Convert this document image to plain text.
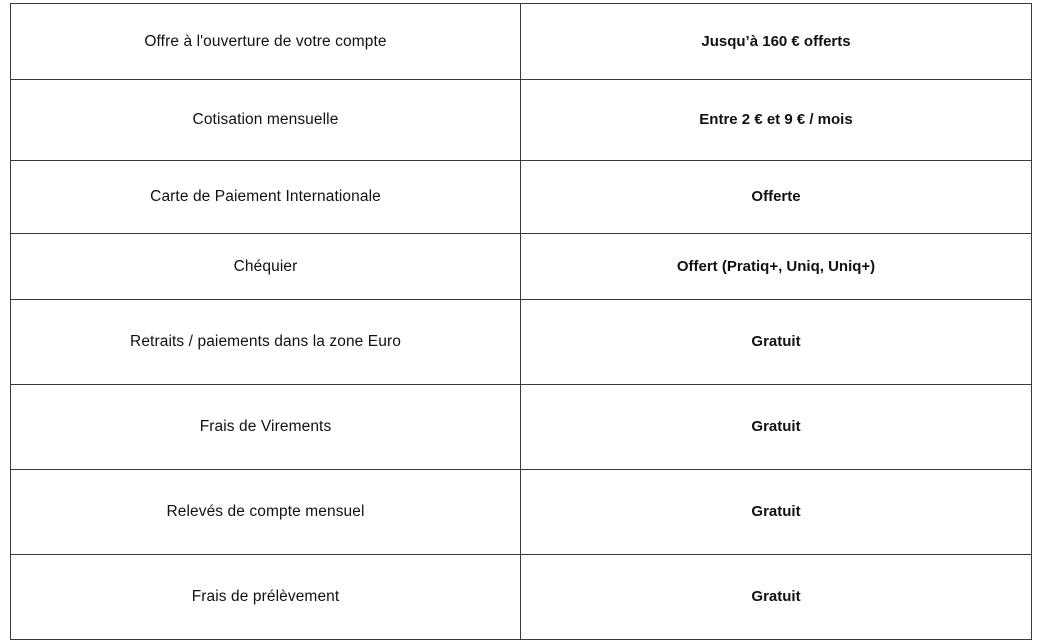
Offre à l'ouverture de votre compte	Jusqu’à 160 € offerts
Cotisation mensuelle	Entre 2 € et 9 € / mois
Carte de Paiement Internationale	Offerte
Chéquier	Offert (Pratiq+, Uniq, Uniq+)
Retraits / paiements dans la zone Euro	Gratuit
Frais de Virements	Gratuit
Relevés de compte mensuel	Gratuit
Frais de prélèvement	Gratuit
